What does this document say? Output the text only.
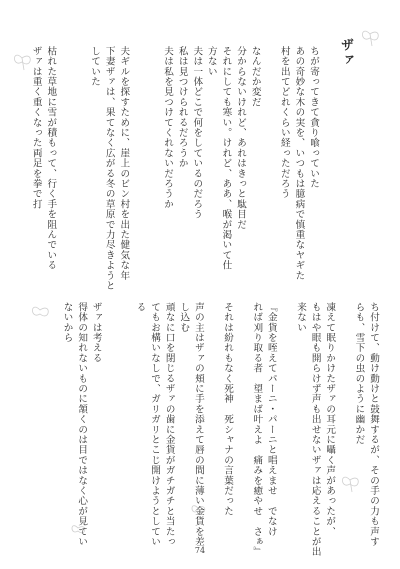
ザァ
ちが寄ってきて貪り喰っていた
あの奇妙な木の実を、いつもは臆病で慎重なヤギた
村を出てどれくらい経っただろう

なんだか変だ
分からないけれど、あれはきっと駄目だ
それにしても寒い。けれど、ああ、喉が渇いて仕
方ない
夫は一体どこで何をしているのだろう
私は見つけられるだろうか
夫は私を見つけてくれないだろうか

夫ギルを探すために、崖上のビン村を出た健気な年
下妻ザァは、果てなく広がる冬の草原で力尽きようと
していた

枯れた草地に雪が積もって、行く手を阻んでいる
ザァは重く重くなった両足を拳で打
ち付けて、動け動けと鼓舞するが、その手の力も声す
らも、雪下の虫のように幽かだ

凍えて眠りかけたザァの耳元に囁く声があったが、
もはや眼も開らけず声も出せないザァは応えることが出
来ない

『金貨を咥えてパーニ・パーニと唱えませ　でなけ
れば刈り取る者　望まば叶えよ　痛みを癒やせ　さぁ』

それは紛れもなく死神　死シャナの言葉だった

声の主はザァの頬に手を添えて唇の間に薄い金貨を差
し込む
頑なに口を閉じるザァの歯に金貨がガチガチと当たっ
てもお構いなしで、ガリガリとこじ開けようとしてい
る

ザァは考える
得体の知れないものに頷くのは目ではなく心が見てい
ないから
74
